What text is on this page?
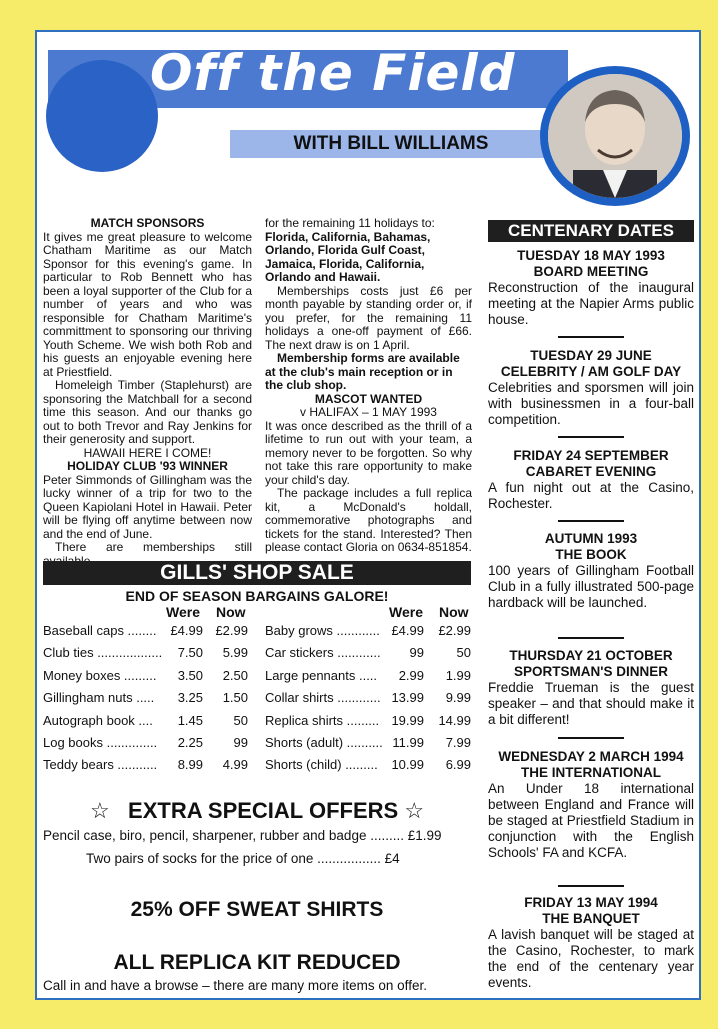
Off the Field
WITH BILL WILLIAMS

MATCH SPONSORS

It gives me great pleasure to welcome Chatham Maritime as our Match Sponsor for this evening's game. In particular to Rob Bennett who has been a loyal supporter of the Club for a number of years and who was responsible for Chatham Maritime's committment to sponsoring our thriving Youth Scheme. We wish both Rob and his guests an enjoyable evening here at Priestfield.

Homeleigh Timber (Staplehurst) are sponsoring the Matchball for a second time this season. And our thanks go out to both Trevor and Ray Jenkins for their generosity and support.

HAWAII HERE I COME!

HOLIDAY CLUB '93 WINNER

Peter Simmonds of Gillingham was the lucky winner of a trip for two to the Queen Kapiolani Hotel in Hawaii. Peter will be flying off anytime between now and the end of June.

There are memberships still

for the remaining 11 holidays to:

Florida, California, Bahamas, Orlando, Florida Gulf Coast, Jamaica, Florida, California, Orlando and Hawaii.

Memberships costs just £6 per month payable by standing order or, if you prefer, for the remaining 11 holidays a one-off payment of £66. The next draw is on 1 April.

Membership forms are available at the club's main reception or in the club shop.

MASCOT WANTED

v HALIFAX – 1 MAY 1993

It was once described as the thrill of a lifetime to run out with your team, a memory never to be forgotten. So why not take this rare opportunity to make your child's day.

The package includes a full replica kit, a McDonald's holdall, commemorative photographs and tickets for the stand. Interested? Then please contact Gloria on 0634-851854.

GILLS' SHOP SALE
END OF SEASON BARGAINS GALORE!
Were Now	Were Now
Baseball caps ........ £4.99 £2.99
Club ties .................. 7.50 5.99
Money boxes ......... 3.50 2.50
Gillingham nuts ..... 3.25 1.50
Autograph book .... 1.45 50
Log books .............. 2.25 99
Teddy bears ........... 8.99 4.99
Baby grows ............ £4.99 £2.99
Car stickers ............ 99	50
Large pennants ..... 2.99 1.99
Collar shirts ............ 13.99 9.99
Replica shirts ......... 19.99 14.99
Shorts (adult) .......... 11.99 7.99
Shorts (child) ......... 10.99 6.99
☆ EXTRA SPECIAL OFFERS ☆
Pencil case, biro, pencil, sharpener, rubber and badge ......... £1.99
Two pairs of socks for the price of one ................. £4
25% OFF SWEAT SHIRTS
ALL REPLICA KIT REDUCED
Call in and have a browse – there are many more items on offer.
CENTENARY DATES
TUESDAY 18 MAY 1993
BOARD MEETING
Reconstruction of the inaugural meeting at the Napier Arms public house.
TUESDAY 29 JUNE
CELEBRITY / AM GOLF DAY
Celebrities and sporsmen will join with businessmen in a four-ball competition.
FRIDAY 24 SEPTEMBER
CABARET EVENING
A fun night out at the Casino, Rochester.
AUTUMN 1993
THE BOOK
100 years of Gillingham Football Club in a fully illustrated 500-page hardback will be launched.
THURSDAY 21 OCTOBER
SPORTSMAN'S DINNER
Freddie Trueman is the guest speaker – and that should make it a bit different!
WEDNESDAY 2 MARCH 1994
THE INTERNATIONAL
An Under 18 international between England and France will be staged at Priestfield Stadium in conjunction with the English Schools' FA and KCFA.
FRIDAY 13 MAY 1994
THE BANQUET
A lavish banquet will be staged at the Casino, Rochester, to mark the end of the centenary year events.
